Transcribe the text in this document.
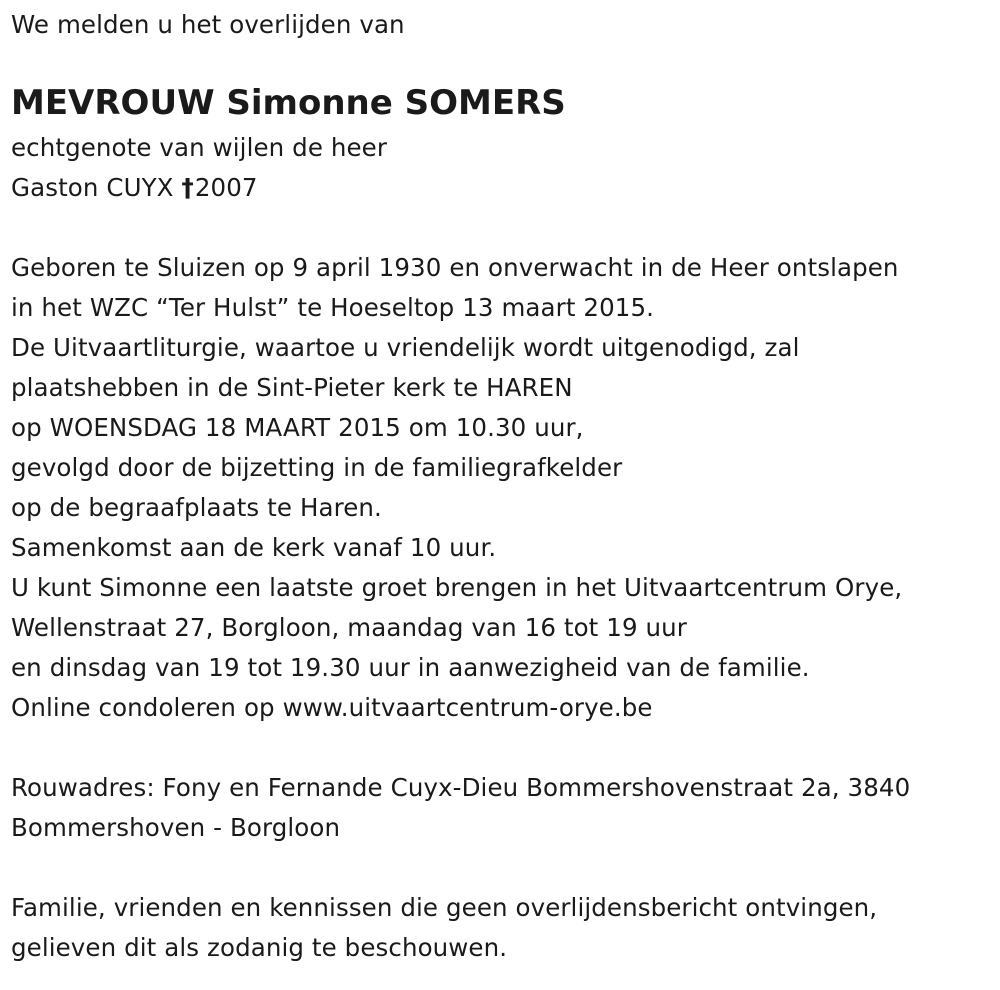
We melden u het overlijden van
MEVROUW Simonne SOMERS
echtgenote van wijlen de heer
Gaston CUYX †2007
Geboren te Sluizen op 9 april 1930 en onverwacht in de Heer ontslapen
in het WZC “Ter Hulst” te Hoeseltop 13 maart 2015.
De Uitvaartliturgie, waartoe u vriendelijk wordt uitgenodigd, zal
plaatshebben in de Sint-Pieter kerk te HAREN
op WOENSDAG 18 MAART 2015 om 10.30 uur,
gevolgd door de bijzetting in de familiegrafkelder
op de begraafplaats te Haren.
Samenkomst aan de kerk vanaf 10 uur.
U kunt Simonne een laatste groet brengen in het Uitvaartcentrum Orye,
Wellenstraat 27, Borgloon, maandag van 16 tot 19 uur
en dinsdag van 19 tot 19.30 uur in aanwezigheid van de familie.
Online condoleren op www.uitvaartcentrum-orye.be
Rouwadres: Fony en Fernande Cuyx-Dieu Bommershovenstraat 2a, 3840
Bommershoven - Borgloon
Familie, vrienden en kennissen die geen overlijdensbericht ontvingen,
gelieven dit als zodanig te beschouwen.
